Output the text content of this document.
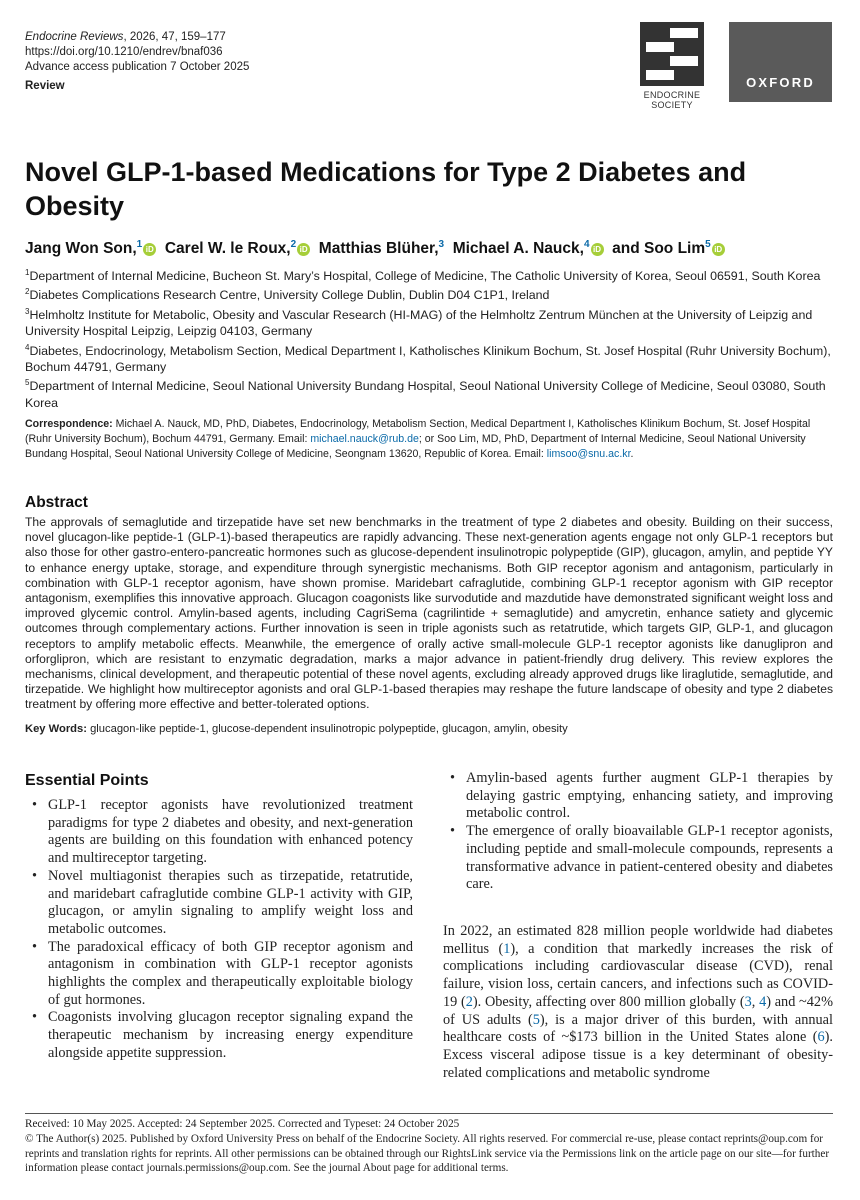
Endocrine Reviews, 2026, 47, 159–177
https://doi.org/10.1210/endrev/bnaf036
Advance access publication 7 October 2025
Review
ENDOCRINE
SOCIETY
OXFORD
Novel GLP-1-based Medications for Type 2 Diabetes and Obesity
Jang Won Son,$^1$ iD Carel W. le Roux,$^2$ iD Matthias Blüher,$^3$ Michael A. Nauck,$^4$ iD and Soo Lim$^5$ iD
$^1$Department of Internal Medicine, Bucheon St. Mary’s Hospital, College of Medicine, The Catholic University of Korea, Seoul 06591, South Korea
$^2$Diabetes Complications Research Centre, University College Dublin, Dublin D04 C1P1, Ireland
$^3$Helmholtz Institute for Metabolic, Obesity and Vascular Research (HI-MAG) of the Helmholtz Zentrum München at the University of Leipzig and University Hospital Leipzig, Leipzig 04103, Germany
$^4$Diabetes, Endocrinology, Metabolism Section, Medical Department I, Katholisches Klinikum Bochum, St. Josef Hospital (Ruhr University Bochum), Bochum 44791, Germany
$^5$Department of Internal Medicine, Seoul National University Bundang Hospital, Seoul National University College of Medicine, Seoul 03080, South Korea
Correspondence: Michael A. Nauck, MD, PhD, Diabetes, Endocrinology, Metabolism Section, Medical Department I, Katholisches Klinikum Bochum, St. Josef Hospital (Ruhr University Bochum), Bochum 44791, Germany. Email: michael.nauck@rub.de; or Soo Lim, MD, PhD, Department of Internal Medicine, Seoul National University Bundang Hospital, Seoul National University College of Medicine, Seongnam 13620, Republic of Korea. Email: limsoo@snu.ac.kr.
Abstract
The approvals of semaglutide and tirzepatide have set new benchmarks in the treatment of type 2 diabetes and obesity. Building on their success, novel glucagon-like peptide-1 (GLP-1)-based therapeutics are rapidly advancing. These next-generation agents engage not only GLP-1 receptors but also those for other gastro-entero-pancreatic hormones such as glucose-dependent insulinotropic polypeptide (GIP), glucagon, amylin, and peptide YY to enhance energy uptake, storage, and expenditure through synergistic mechanisms. Both GIP receptor agonism and antagonism, particularly in combination with GLP-1 receptor agonism, have shown promise. Maridebart cafraglutide, combining GLP-1 receptor agonism with GIP receptor antagonism, exemplifies this innovative approach. Glucagon coagonists like survodutide and mazdutide have demonstrated significant weight loss and improved glycemic control. Amylin-based agents, including CagriSema (cagrilintide + semaglutide) and amycretin, enhance satiety and glycemic outcomes through complementary actions. Further innovation is seen in triple agonists such as retatrutide, which targets GIP, GLP-1, and glucagon receptors to amplify metabolic effects. Meanwhile, the emergence of orally active small-molecule GLP-1 receptor agonists like danuglipron and orforglipron, which are resistant to enzymatic degradation, marks a major advance in patient-friendly drug delivery. This review explores the mechanisms, clinical development, and therapeutic potential of these novel agents, excluding already approved drugs like liraglutide, semaglutide, and tirzepatide. We highlight how multireceptor agonists and oral GLP-1-based therapies may reshape the future landscape of obesity and type 2 diabetes treatment by offering more effective and better-tolerated options.
Key Words: glucagon-like peptide-1, glucose-dependent insulinotropic polypeptide, glucagon, amylin, obesity
Essential Points
• GLP-1 receptor agonists have revolutionized treatment paradigms for type 2 diabetes and obesity, and next-generation agents are building on this foundation with enhanced potency and multireceptor targeting.
• Novel multiagonist therapies such as tirzepatide, retatrutide, and maridebart cafraglutide combine GLP-1 activity with GIP, glucagon, or amylin signaling to amplify weight loss and metabolic outcomes.
• The paradoxical efficacy of both GIP receptor agonism and antagonism in combination with GLP-1 receptor agonists highlights the complex and therapeutically exploitable biology of gut hormones.
• Coagonists involving glucagon receptor signaling expand the therapeutic mechanism by increasing energy expenditure alongside appetite suppression.
• Amylin-based agents further augment GLP-1 therapies by delaying gastric emptying, enhancing satiety, and improving metabolic control.
• The emergence of orally bioavailable GLP-1 receptor agonists, including peptide and small-molecule compounds, represents a transformative advance in patient-centered obesity and diabetes care.
In 2022, an estimated 828 million people worldwide had diabetes mellitus (1), a condition that markedly increases the risk of complications including cardiovascular disease (CVD), renal failure, vision loss, certain cancers, and infections such as COVID-19 (2). Obesity, affecting over 800 million globally (3, 4) and ~42% of US adults (5), is a major driver of this burden, with annual healthcare costs of ~$173 billion in the United States alone (6). Excess visceral adipose tissue is a key determinant of obesity-related complications and metabolic syndrome
Received: 10 May 2025. Accepted: 24 September 2025. Corrected and Typeset: 24 October 2025
© The Author(s) 2025. Published by Oxford University Press on behalf of the Endocrine Society. All rights reserved. For commercial re-use, please contact reprints@oup.com for reprints and translation rights for reprints. All other permissions can be obtained through our RightsLink service via the Permissions link on the article page on our site—for further information please contact journals.permissions@oup.com. See the journal About page for additional terms.
